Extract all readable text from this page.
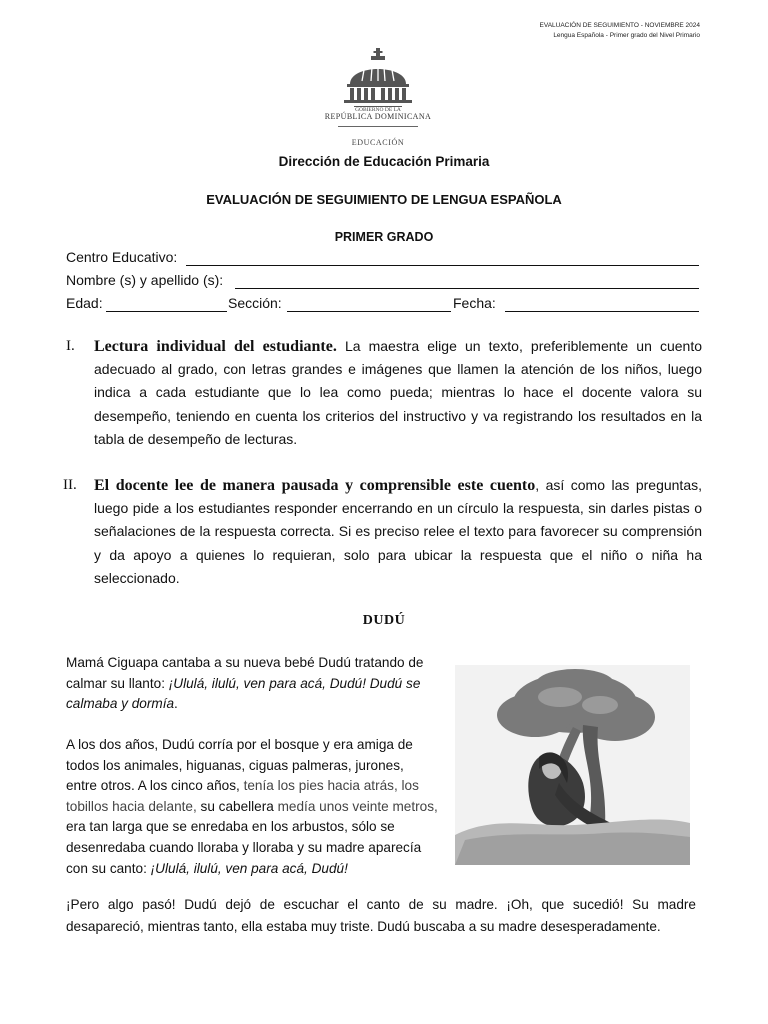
EVALUACIÓN DE SEGUIMIENTO - NOVIEMBRE 2024
Lengua Española - Primer grado del Nivel Primario
GOBIERNO DE LA
REPÚBLICA DOMINICANA
EDUCACIÓN
Dirección de Educación Primaria
EVALUACIÓN DE SEGUIMIENTO DE LENGUA ESPAÑOLA
PRIMER GRADO
Centro Educativo:
Nombre (s) y apellido (s):
Edad:	Sección:	Fecha:
I. Lectura individual del estudiante. La maestra elige un texto, preferiblemente un cuento adecuado al grado, con letras grandes e imágenes que llamen la atención de los niños, luego indica a cada estudiante que lo lea como pueda; mientras lo hace el docente valora su desempeño, teniendo en cuenta los criterios del instructivo y va registrando los resultados en la tabla de desempeño de lecturas.
II. El docente lee de manera pausada y comprensible este cuento, así como las preguntas, luego pide a los estudiantes responder encerrando en un círculo la respuesta, sin darles pistas o señalaciones de la respuesta correcta. Si es preciso relee el texto para favorecer su comprensión y da apoyo a quienes lo requieran, solo para ubicar la respuesta que el niño o niña ha seleccionado.
DUDÚ
Mamá Ciguapa cantaba a su nueva bebé Dudú tratando de calmar su llanto: ¡Ululá, ilulú, ven para acá, Dudú! Dudú se calmaba y dormía.
A los dos años, Dudú corría por el bosque y era amiga de todos los animales, higuanas, ciguas palmeras, jurones, entre otros. A los cinco años, tenía los pies hacia atrás, los tobillos hacia delante, su cabellera medía unos veinte metros, era tan larga que se enredaba en los arbustos, sólo se desenredaba cuando lloraba y lloraba y su madre aparecía con su canto: ¡Ululá, ilulú, ven para acá, Dudú!
¡Pero algo pasó! Dudú dejó de escuchar el canto de su madre. ¡Oh, que sucedió! Su madre desapareció, mientras tanto, ella estaba muy triste. Dudú buscaba a su madre desesperadamente.
